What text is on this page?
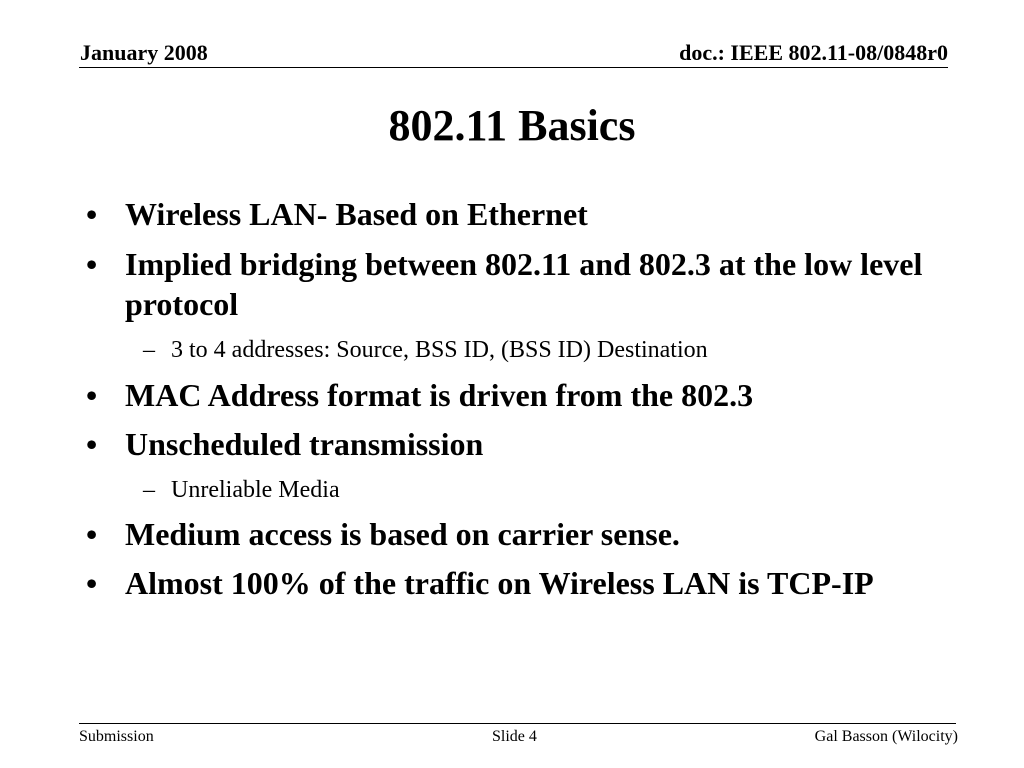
January 2008	doc.: IEEE 802.11-08/0848r0
802.11 Basics
• Wireless LAN- Based on Ethernet
• Implied bridging between 802.11 and 802.3 at the low level protocol
– 3 to 4 addresses: Source, BSS ID, (BSS ID) Destination
• MAC Address format is driven from the 802.3
• Unscheduled transmission
– Unreliable Media
• Medium access is based on carrier sense.
• Almost 100% of the traffic on Wireless LAN is TCP-IP
Submission	Slide 4	Gal Basson (Wilocity)
